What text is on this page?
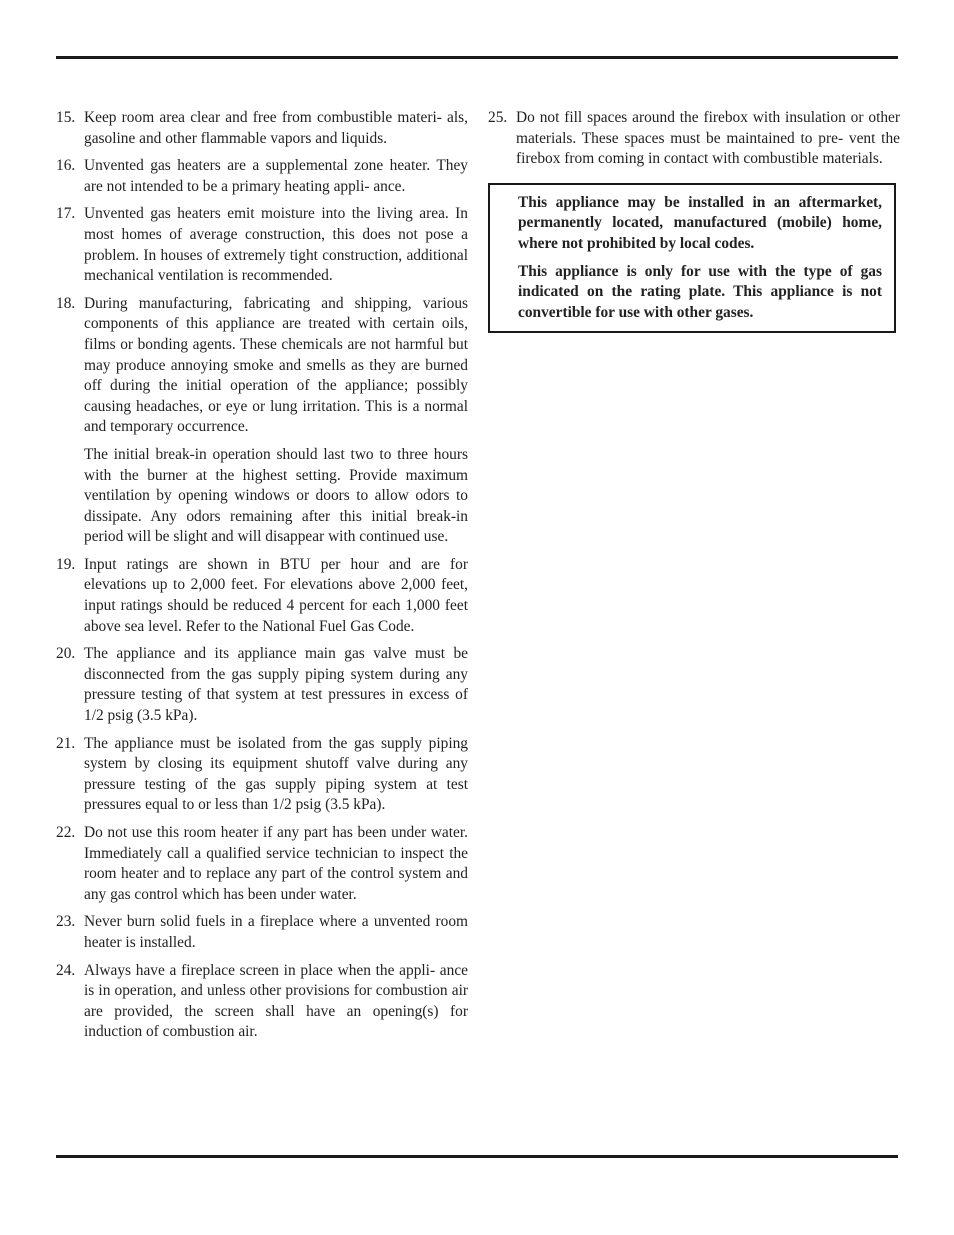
15. Keep room area clear and free from combustible materi- als, gasoline and other flammable vapors and liquids.

16. Unvented gas heaters are a supplemental zone heater. They are not intended to be a primary heating appli- ance.

17. Unvented gas heaters emit moisture into the living area. In most homes of average construction, this does not pose a problem. In houses of extremely tight construction, additional mechanical ventilation is recommended.

18. During manufacturing, fabricating and shipping, various components of this appliance are treated with certain oils, films or bonding agents. These chemicals are not harmful but may produce annoying smoke and smells as they are burned off during the initial operation of the appliance; possibly causing headaches, or eye or lung irritation. This is a normal and temporary occurrence.

The initial break-in operation should last two to three hours with the burner at the highest setting. Provide maximum ventilation by opening windows or doors to allow odors to dissipate. Any odors remaining after this initial break-in period will be slight and will disappear with continued use.

19. Input ratings are shown in BTU per hour and are for elevations up to 2,000 feet. For elevations above 2,000 feet, input ratings should be reduced 4 percent for each 1,000 feet above sea level. Refer to the National Fuel Gas Code.

20. The appliance and its appliance main gas valve must be disconnected from the gas supply piping system during any pressure testing of that system at test pressures in excess of 1/2 psig (3.5 kPa).

21. The appliance must be isolated from the gas supply piping system by closing its equipment shutoff valve during any pressure testing of the gas supply piping system at test pressures equal to or less than 1/2 psig (3.5 kPa).

22. Do not use this room heater if any part has been under water. Immediately call a qualified service technician to inspect the room heater and to replace any part of the control system and any gas control which has been under water.

23. Never burn solid fuels in a fireplace where a unvented room heater is installed.

24. Always have a fireplace screen in place when the appli- ance is in operation, and unless other provisions for combustion air are provided, the screen shall have an opening(s) for induction of combustion air.

25. Do not fill spaces around the firebox with insulation or other materials. These spaces must be maintained to pre- vent the firebox from coming in contact with combustible materials.

This appliance may be installed in an aftermarket, permanently located, manufactured (mobile) home, where not prohibited by local codes.

This appliance is only for use with the type of gas indicated on the rating plate. This appliance is not convertible for use with other gases.
